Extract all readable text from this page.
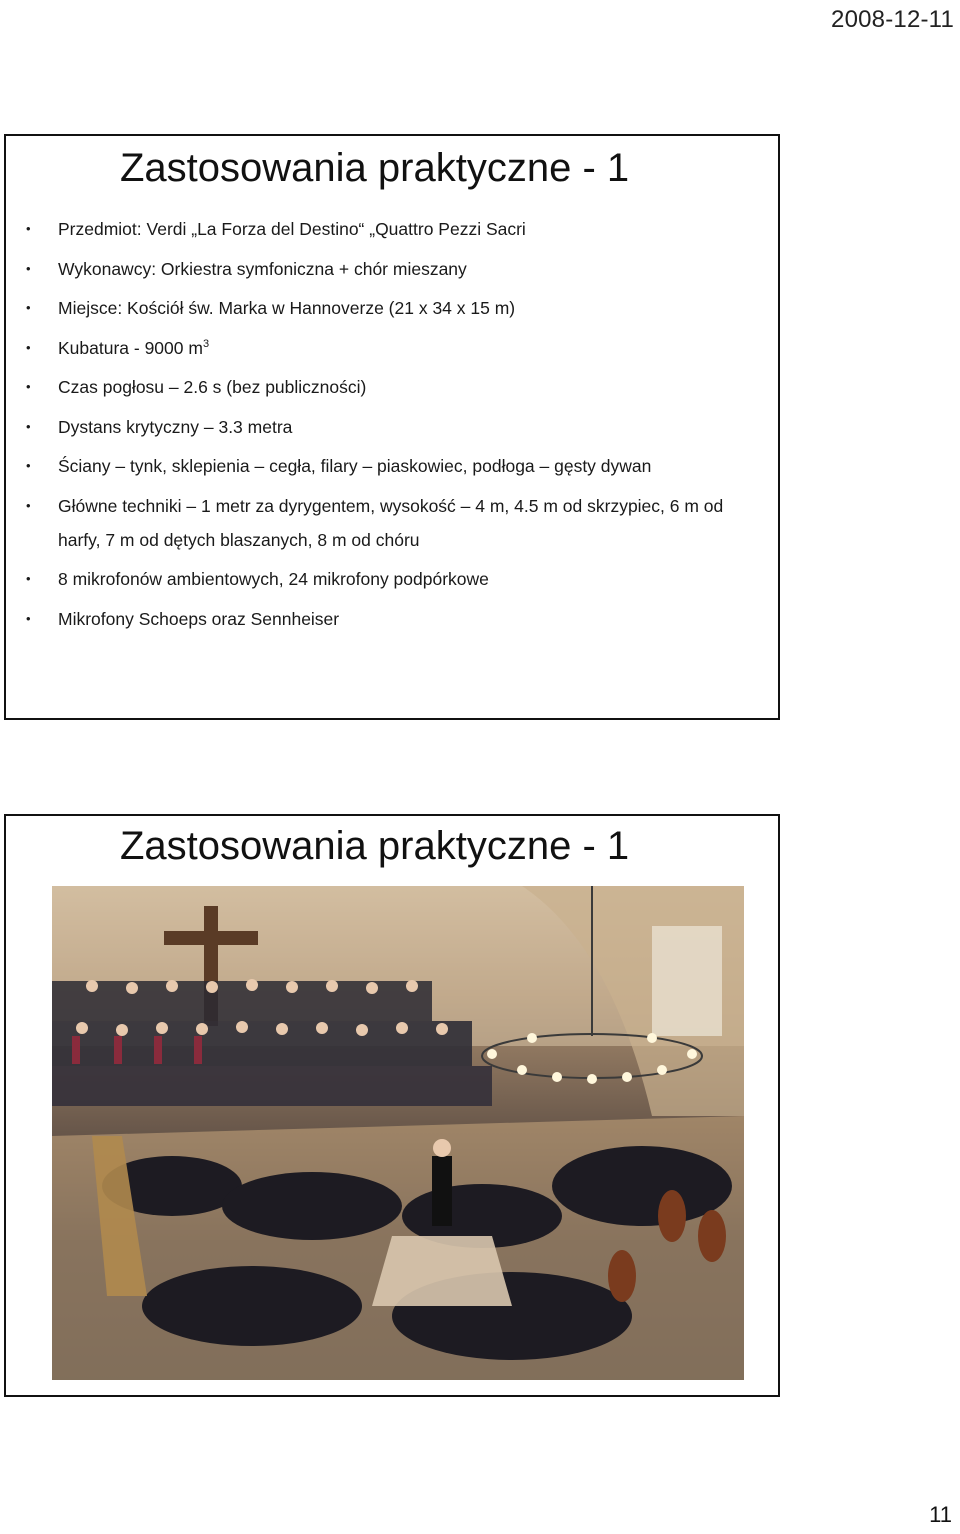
2008-12-11
Zastosowania praktyczne - 1
• Przedmiot: Verdi „La Forza del Destino“ „Quattro Pezzi Sacri
• Wykonawcy: Orkiestra symfoniczna + chór mieszany
• Miejsce: Kościół św. Marka w Hannoverze (21 x 34 x 15 m)
• Kubatura - 9000 $m^3$
• Czas pogłosu – 2.6 s (bez publiczności)
• Dystans krytyczny – 3.3 metra
• Ściany – tynk, sklepienia – cegła, filary – piaskowiec, podłoga – gęsty dywan
• Główne techniki – 1 metr za dyrygentem, wysokość – 4 m, 4.5 m od skrzypiec, 6 m od harfy, 7 m od dętych blaszanych, 8 m od chóru
• 8 mikrofonów ambientowych, 24 mikrofony podpórkowe
• Mikrofony Schoeps oraz Sennheiser
Zastosowania praktyczne - 1
11
